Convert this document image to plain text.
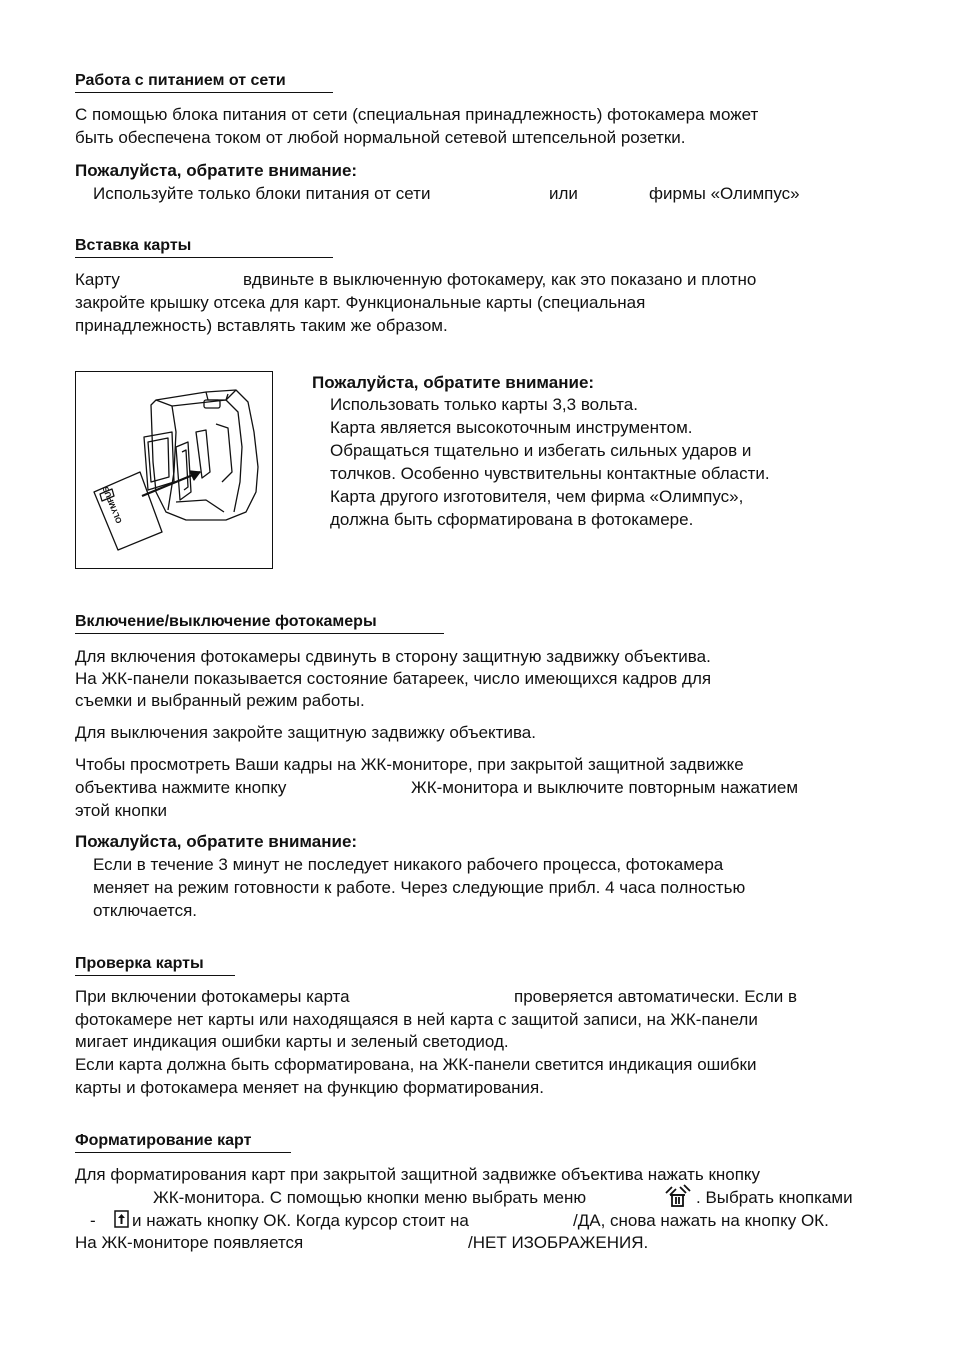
Работа с питанием от сети
С помощью блока питания от сети (специальная принадлежность) фотокамера может
быть обеспечена током от любой нормальной сетевой штепсельной розетки.
Пожалуйста, обратите внимание:
Используйте только блоки питания от сети	или	фирмы «Олимпус»
Вставка карты
Карту	вдвиньте в выключенную фотокамеру, как это показано и плотно
закройте крышку отсека для карт. Функциональные карты (специальная
принадлежность) вставлять таким же образом.
OLYMPUS
Пожалуйста, обратите внимание:
Использовать только карты 3,3 вольта.
Карта является высокоточным инструментом.
Обращаться тщательно и избегать сильных ударов и
толчков. Особенно чувствительны контактные области.
Карта другого изготовителя, чем фирма «Олимпус»,
должна быть сформатирована в фотокамере.
Включение/выключение фотокамеры
Для включения фотокамеры сдвинуть в сторону защитную задвижку объектива.
На ЖК-панели показывается состояние батареек, число имеющихся кадров для
съемки и выбранный режим работы.
Для выключения закройте защитную задвижку объектива.
Чтобы просмотреть Ваши кадры на ЖК-мониторе, при закрытой защитной задвижке
объектива нажмите кнопку	ЖК-монитора и выключите повторным нажатием
этой кнопки
Пожалуйста, обратите внимание:
Если в течение 3 минут не последует никакого рабочего процесса, фотокамера
меняет на режим готовности к работе. Через следующие прибл. 4 часа полностью
отключается.
Проверка карты
При включении фотокамеры карта	проверяется автоматически. Если в
фотокамере нет карты или находящаяся в ней карта с защитой записи, на ЖК-панели
мигает индикация ошибки карты и зеленый светодиод.
Если карта должна быть сформатирована, на ЖК-панели светится индикация ошибки
карты и фотокамера меняет на функцию форматирования.
Форматирование карт
Для форматирования карт при закрытой защитной задвижке объектива нажать кнопку
ЖК-монитора. С помощью кнопки меню выбрать меню	. Выбрать кнопками
- и нажать кнопку ОК. Когда курсор стоит на	/ДА, снова нажать на кнопку ОК.
На ЖК-мониторе появляется	/НЕТ ИЗОБРАЖЕНИЯ.
